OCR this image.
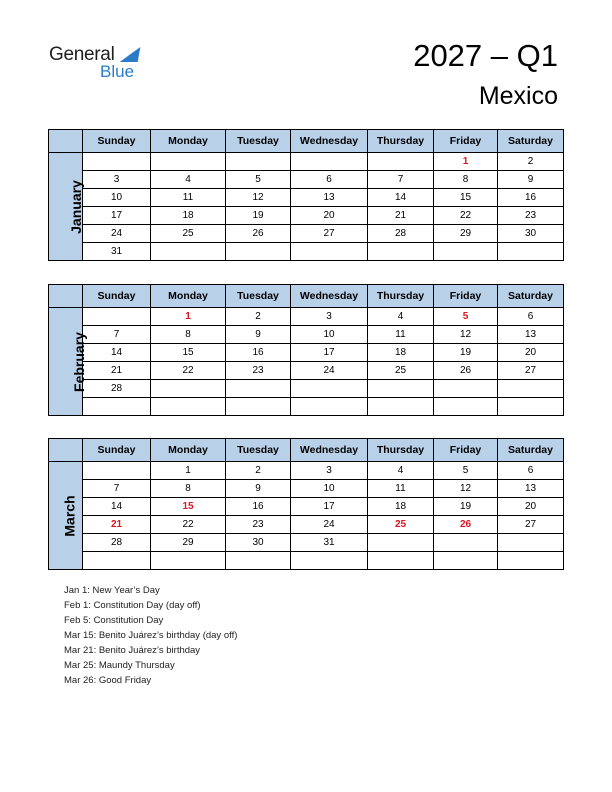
General
Blue	2027 – Q1
Mexico
	Sunday	Monday	Tuesday	Wednesday	Thursday	Friday	Saturday
January						1	2
	3	4	5	6	7	8	9
	10	11	12	13	14	15	16
	17	18	19	20	21	22	23
	24	25	26	27	28	29	30
	31						
	Sunday	Monday	Tuesday	Wednesday	Thursday	Friday	Saturday
February		1	2	3	4	5	6
	7	8	9	10	11	12	13
	14	15	16	17	18	19	20
	21	22	23	24	25	26	27
	28						

	Sunday	Monday	Tuesday	Wednesday	Thursday	Friday	Saturday
March		1	2	3	4	5	6
	7	8	9	10	11	12	13
	14	15	16	17	18	19	20
	21	22	23	24	25	26	27
	28	29	30	31			

Jan 1: New Year’s Day
Feb 1: Constitution Day (day off)
Feb 5: Constitution Day
Mar 15: Benito Juárez’s birthday (day off)
Mar 21: Benito Juárez’s birthday
Mar 25: Maundy Thursday
Mar 26: Good Friday
